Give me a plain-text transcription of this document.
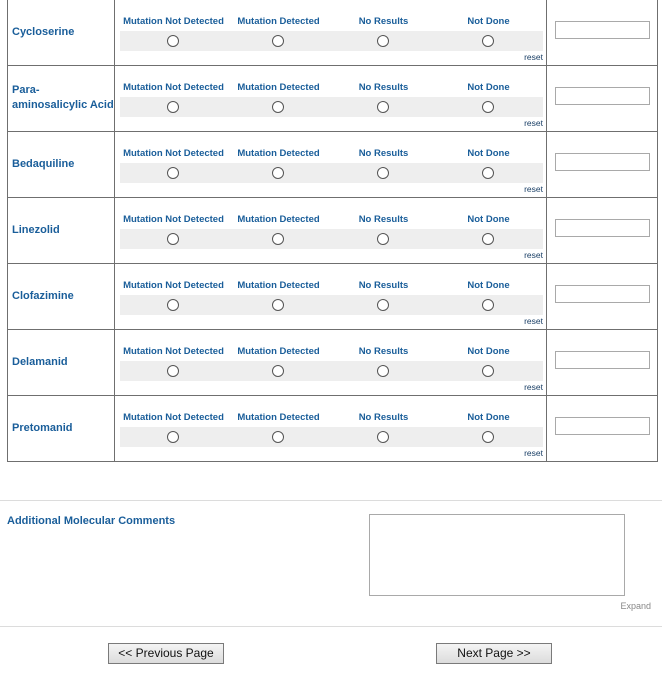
Cycloserine	Mutation Not Detected Mutation Detected No Results Not Done
reset	

Para-aminosalicylic Acid	Mutation Not Detected Mutation Detected No Results Not Done
reset	

Bedaquiline	Mutation Not Detected Mutation Detected No Results Not Done
reset	

Linezolid	Mutation Not Detected Mutation Detected No Results Not Done
reset	

Clofazimine	Mutation Not Detected Mutation Detected No Results Not Done
reset	

Delamanid	Mutation Not Detected Mutation Detected No Results Not Done
reset	

Pretomanid	Mutation Not Detected Mutation Detected No Results Not Done
reset	

Additional Molecular Comments
Expand
<< Previous Page	Next Page >>
